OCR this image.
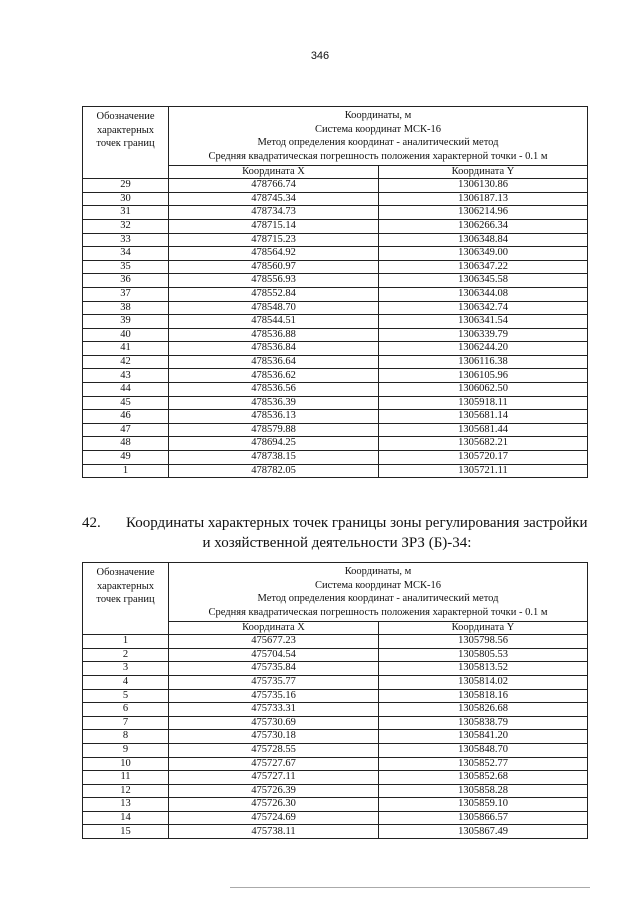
346
Обозначение характерных точек границ	Координаты, м
Система координат МСК-16
Метод определения координат - аналитический метод
Средняя квадратическая погрешность положения характерной точки - 0.1 м	

	Координата X	Координата Y
29	478766.74	1306130.86
30	478745.34	1306187.13
31	478734.73	1306214.96
32	478715.14	1306266.34
33	478715.23	1306348.84
34	478564.92	1306349.00
35	478560.97	1306347.22
36	478556.93	1306345.58
37	478552.84	1306344.08
38	478548.70	1306342.74
39	478544.51	1306341.54
40	478536.88	1306339.79
41	478536.84	1306244.20
42	478536.64	1306116.38
43	478536.62	1306105.96
44	478536.56	1306062.50
45	478536.39	1305918.11
46	478536.13	1305681.14
47	478579.88	1305681.44
48	478694.25	1305682.21
49	478738.15	1305720.17
1	478782.05	1305721.11
42. Координаты характерных точек границы зоны регулирования застройки
и хозяйственной деятельности ЗРЗ (Б)-34:
Обозначение характерных точек границ	Координаты, м
Система координат МСК-16
Метод определения координат - аналитический метод
Средняя квадратическая погрешность положения характерной точки - 0.1 м	

	Координата X	Координата Y
1	475677.23	1305798.56
2	475704.54	1305805.53
3	475735.84	1305813.52
4	475735.77	1305814.02
5	475735.16	1305818.16
6	475733.31	1305826.68
7	475730.69	1305838.79
8	475730.18	1305841.20
9	475728.55	1305848.70
10	475727.67	1305852.77
11	475727.11	1305852.68
12	475726.39	1305858.28
13	475726.30	1305859.10
14	475724.69	1305866.57
15	475738.11	1305867.49
